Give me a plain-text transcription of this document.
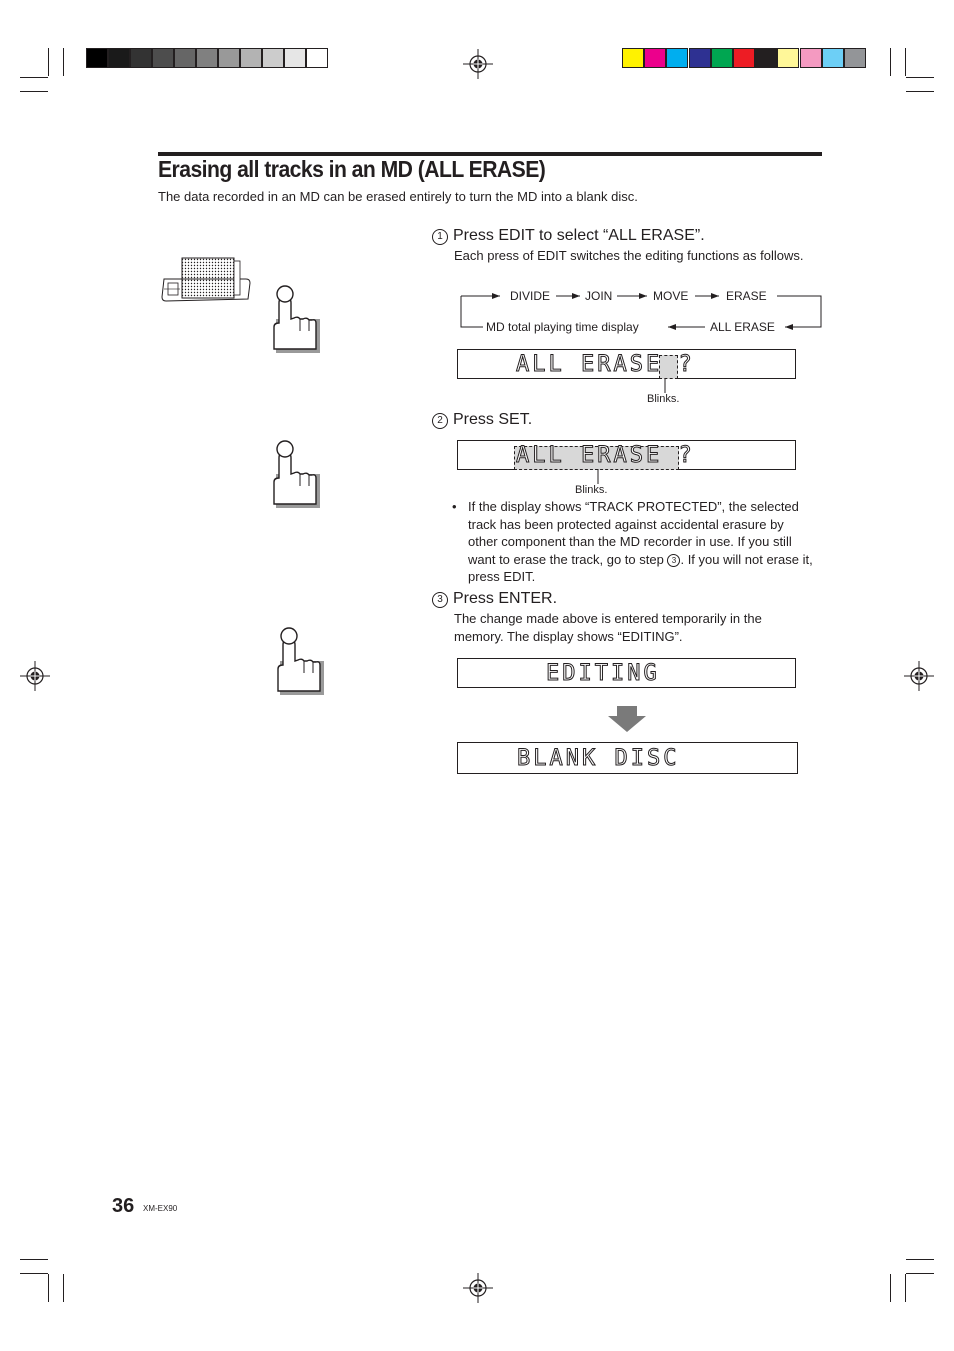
Erasing all tracks in an MD (ALL ERASE)
The data recorded in an MD can be erased entirely to turn the MD into a blank disc.
1 Press EDIT to select “ALL ERASE”.
Each press of EDIT switches the editing functions as follows.
DIVIDE	JOIN	MOVE	ERASE
ALL ERASE
MD total playing time display
ALL ERASE ?
Blinks.
2 Press SET.
ALL ERASE ?
Blinks.
• If the display shows “TRACK PROTECTED”, the selected track has been protected against accidental erasure by other component than the MD recorder in use. If you still want to erase the track, go to step 3 . If you will not erase it, press EDIT.
3 Press ENTER.
The change made above is entered temporarily in the memory. The display shows “EDITING”.
EDITING
BLANK DISC
36 XM-EX90
